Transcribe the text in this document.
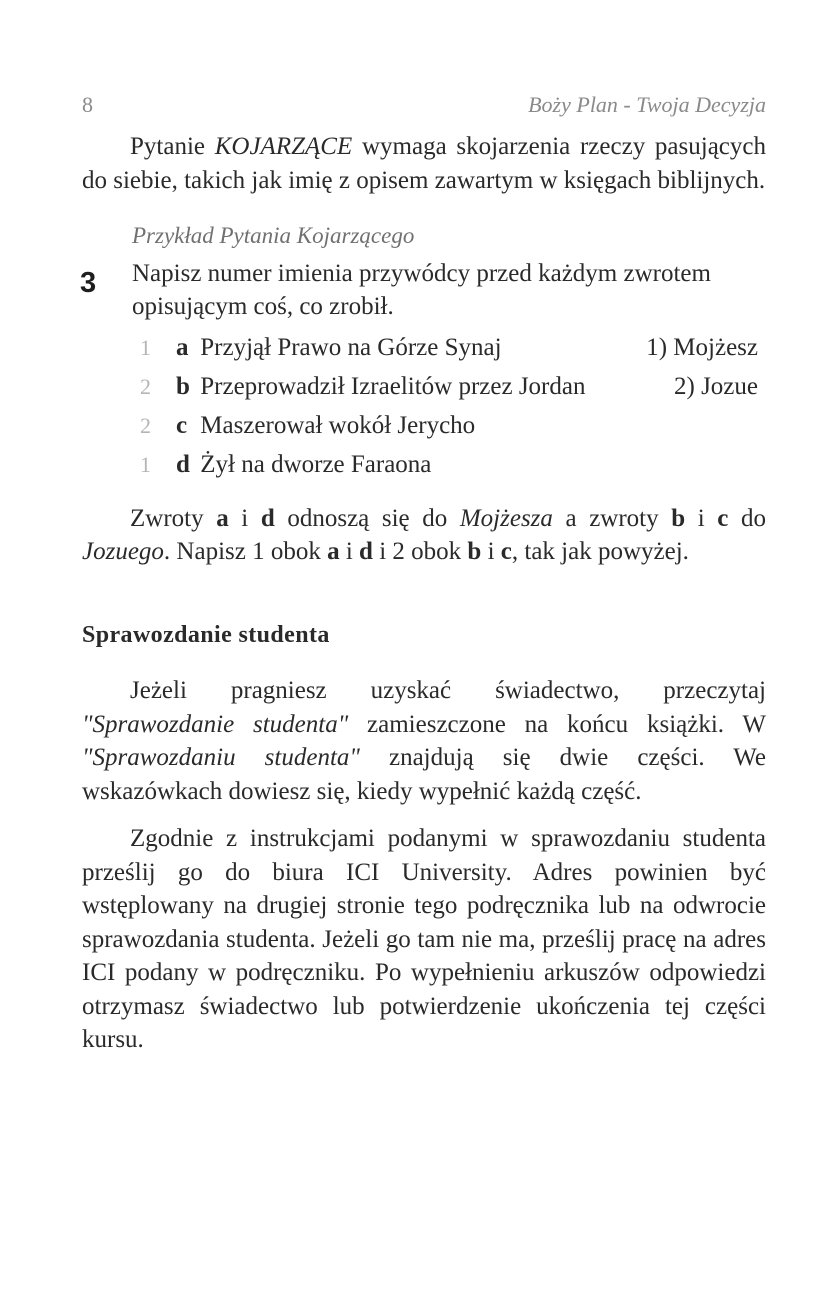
8	Boży Plan - Twoja Decyzja

Pytanie KOJARZĄCE wymaga skojarzenia rzeczy pasujących do siebie, takich jak imię z opisem zawartym w księgach biblijnych.

Przykład Pytania Kojarzącego
3 Napisz numer imienia przywódcy przed każdym zwrotem opisującym coś, co zrobił.
1 a Przyjął Prawo na Górze Synaj	1) Mojżesz
2 b Przeprowadził Izraelitów przez Jordan	2) Jozue
2 c Maszerował wokół Jerycho
1 d Żył na dworze Faraona

Zwroty a i d odnoszą się do Mojżesza a zwroty b i c do Jozuego. Napisz 1 obok a i d i 2 obok b i c, tak jak powyżej.

Sprawozdanie studenta

Jeżeli pragniesz uzyskać świadectwo, przeczytaj "Sprawozdanie studenta" zamieszczone na końcu książki. W "Sprawozdaniu studenta" znajdują się dwie części. We wskazówkach dowiesz się, kiedy wypełnić każdą część.

Zgodnie z instrukcjami podanymi w sprawozdaniu studenta prześlij go do biura ICI University. Adres powinien być wstęplowany na drugiej stronie tego podręcznika lub na odwrocie sprawozdania studenta. Jeżeli go tam nie ma, prześlij pracę na adres ICI podany w podręczniku. Po wypełnieniu arkuszów odpowiedzi otrzymasz świadectwo lub potwierdzenie ukończenia tej części kursu.
